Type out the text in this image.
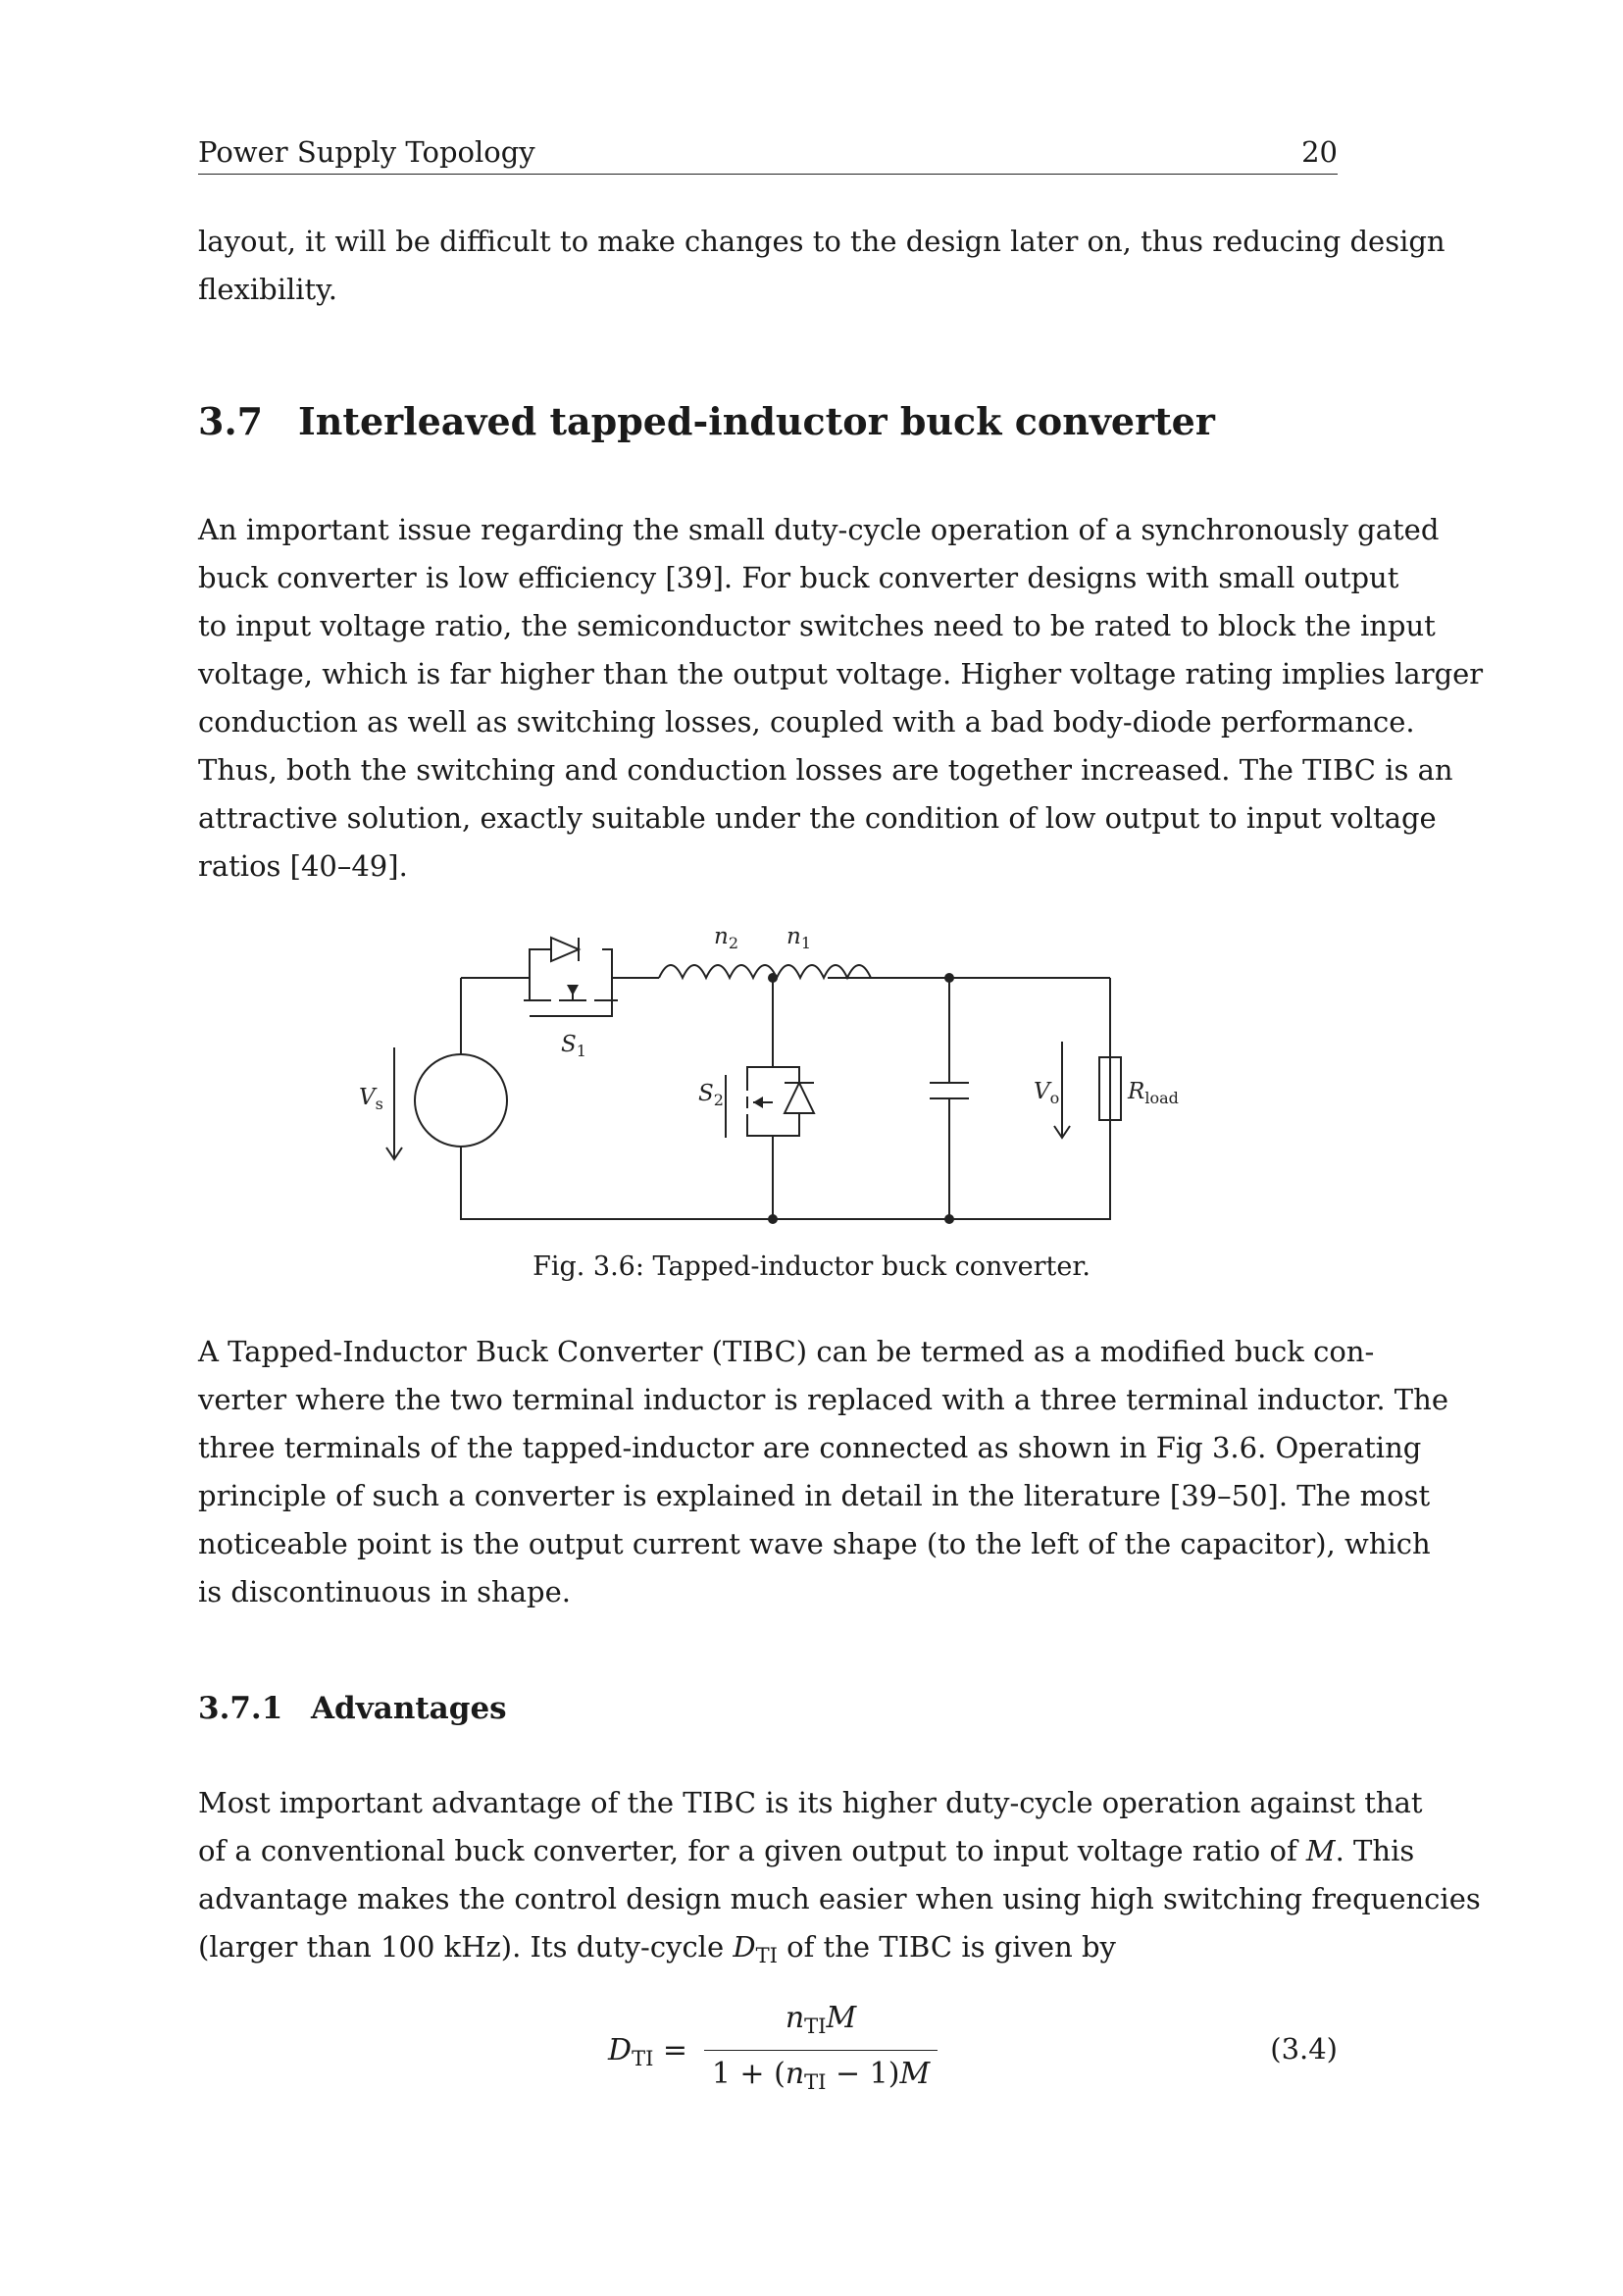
Power Supply Topology	20

layout, it will be difficult to make changes to the design later on, thus reducing design
flexibility.

3.7 Interleaved tapped-inductor buck converter

An important issue regarding the small duty-cycle operation of a synchronously gated
buck converter is low efficiency [39]. For buck converter designs with small output
to input voltage ratio, the semiconductor switches need to be rated to block the input
voltage, which is far higher than the output voltage. Higher voltage rating implies larger
conduction as well as switching losses, coupled with a bad body-diode performance.
Thus, both the switching and conduction losses are together increased. The TIBC is an
attractive solution, exactly suitable under the condition of low output to input voltage
ratios [40–49].

$n_2$ $n_1$
$S_1$
$S_2$
$V_s$	$V_o$	$R_{load}$
Fig. 3.6: Tapped-inductor buck converter.

A Tapped-Inductor Buck Converter (TIBC) can be termed as a modified buck con-
verter where the two terminal inductor is replaced with a three terminal inductor. The
three terminals of the tapped-inductor are connected as shown in Fig 3.6. Operating
principle of such a converter is explained in detail in the literature [39–50]. The most
noticeable point is the output current wave shape (to the left of the capacitor), which
is discontinuous in shape.

3.7.1 Advantages

Most important advantage of the TIBC is its higher duty-cycle operation against that
of a conventional buck converter, for a given output to input voltage ratio of M. This
advantage makes the control design much easier when using high switching frequencies
(larger than 100 kHz). Its duty-cycle $D_{TI}$ of the TIBC is given by

$D_{TI}$ =
$n_{TI}M$
$1 + (n_{TI} - 1)M$
(3.4)
